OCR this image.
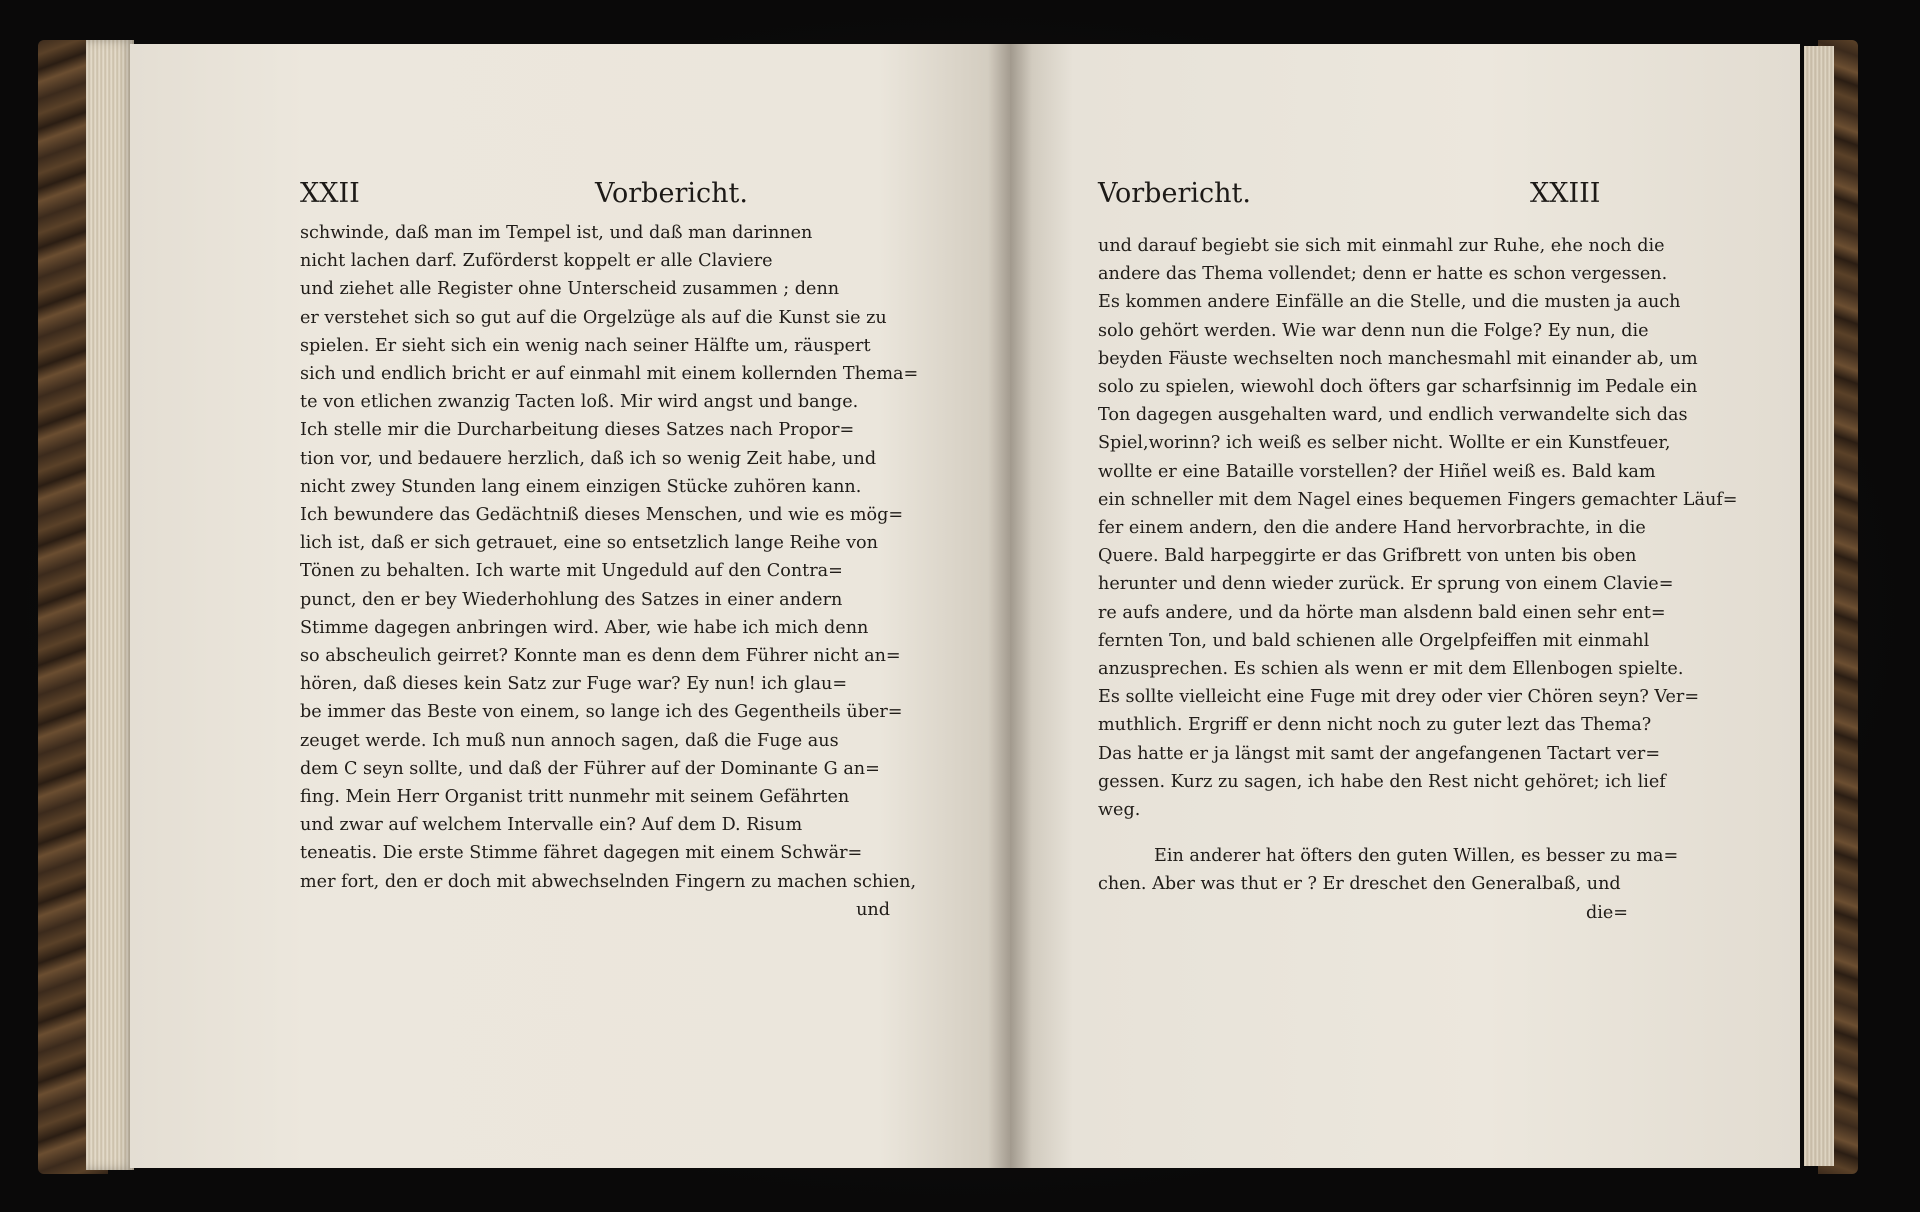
XXII	Vorbericht.
schwinde, daß man im Tempel ist, und daß man darinnen
nicht lachen darf. Zuförderst koppelt er alle Claviere
und ziehet alle Register ohne Unterscheid zusammen ; denn
er verstehet sich so gut auf die Orgelzüge als auf die Kunst sie zu
spielen. Er sieht sich ein wenig nach seiner Hälfte um, räuspert
sich und endlich bricht er auf einmahl mit einem kollernden Thema=
te von etlichen zwanzig Tacten loß. Mir wird angst und bange.
Ich stelle mir die Durcharbeitung dieses Satzes nach Propor=
tion vor, und bedauere herzlich, daß ich so wenig Zeit habe, und
nicht zwey Stunden lang einem einzigen Stücke zuhören kann.
Ich bewundere das Gedächtniß dieses Menschen, und wie es mög=
lich ist, daß er sich getrauet, eine so entsetzlich lange Reihe von
Tönen zu behalten. Ich warte mit Ungeduld auf den Contra=
punct, den er bey Wiederhohlung des Satzes in einer andern
Stimme dagegen anbringen wird. Aber, wie habe ich mich denn
so abscheulich geirret? Konnte man es denn dem Führer nicht an=
hören, daß dieses kein Satz zur Fuge war? Ey nun! ich glau=
be immer das Beste von einem, so lange ich des Gegentheils über=
zeuget werde. Ich muß nun annoch sagen, daß die Fuge aus
dem C seyn sollte, und daß der Führer auf der Dominante G an=
fing. Mein Herr Organist tritt nunmehr mit seinem Gefährten
und zwar auf welchem Intervalle ein? Auf dem D. Risum
teneatis. Die erste Stimme fähret dagegen mit einem Schwär=
mer fort, den er doch mit abwechselnden Fingern zu machen schien,
und
Vorbericht.	XXIII
und darauf begiebt sie sich mit einmahl zur Ruhe, ehe noch die
andere das Thema vollendet; denn er hatte es schon vergessen.
Es kommen andere Einfälle an die Stelle, und die musten ja auch
solo gehört werden. Wie war denn nun die Folge? Ey nun, die
beyden Fäuste wechselten noch manchesmahl mit einander ab, um
solo zu spielen, wiewohl doch öfters gar scharfsinnig im Pedale ein
Ton dagegen ausgehalten ward, und endlich verwandelte sich das
Spiel,worinn? ich weiß es selber nicht. Wollte er ein Kunstfeuer,
wollte er eine Bataille vorstellen? der Hiñel weiß es. Bald kam
ein schneller mit dem Nagel eines bequemen Fingers gemachter Läuf=
fer einem andern, den die andere Hand hervorbrachte, in die
Quere. Bald harpeggirte er das Grifbrett von unten bis oben
herunter und denn wieder zurück. Er sprung von einem Clavie=
re aufs andere, und da hörte man alsdenn bald einen sehr ent=
fernten Ton, und bald schienen alle Orgelpfeiffen mit einmahl
anzusprechen. Es schien als wenn er mit dem Ellenbogen spielte.
Es sollte vielleicht eine Fuge mit drey oder vier Chören seyn? Ver=
muthlich. Ergriff er denn nicht noch zu guter lezt das Thema?
Das hatte er ja längst mit samt der angefangenen Tactart ver=
gessen. Kurz zu sagen, ich habe den Rest nicht gehöret; ich lief
weg.
Ein anderer hat öfters den guten Willen, es besser zu ma=
chen. Aber was thut er ? Er dreschet den Generalbaß, und
die=
